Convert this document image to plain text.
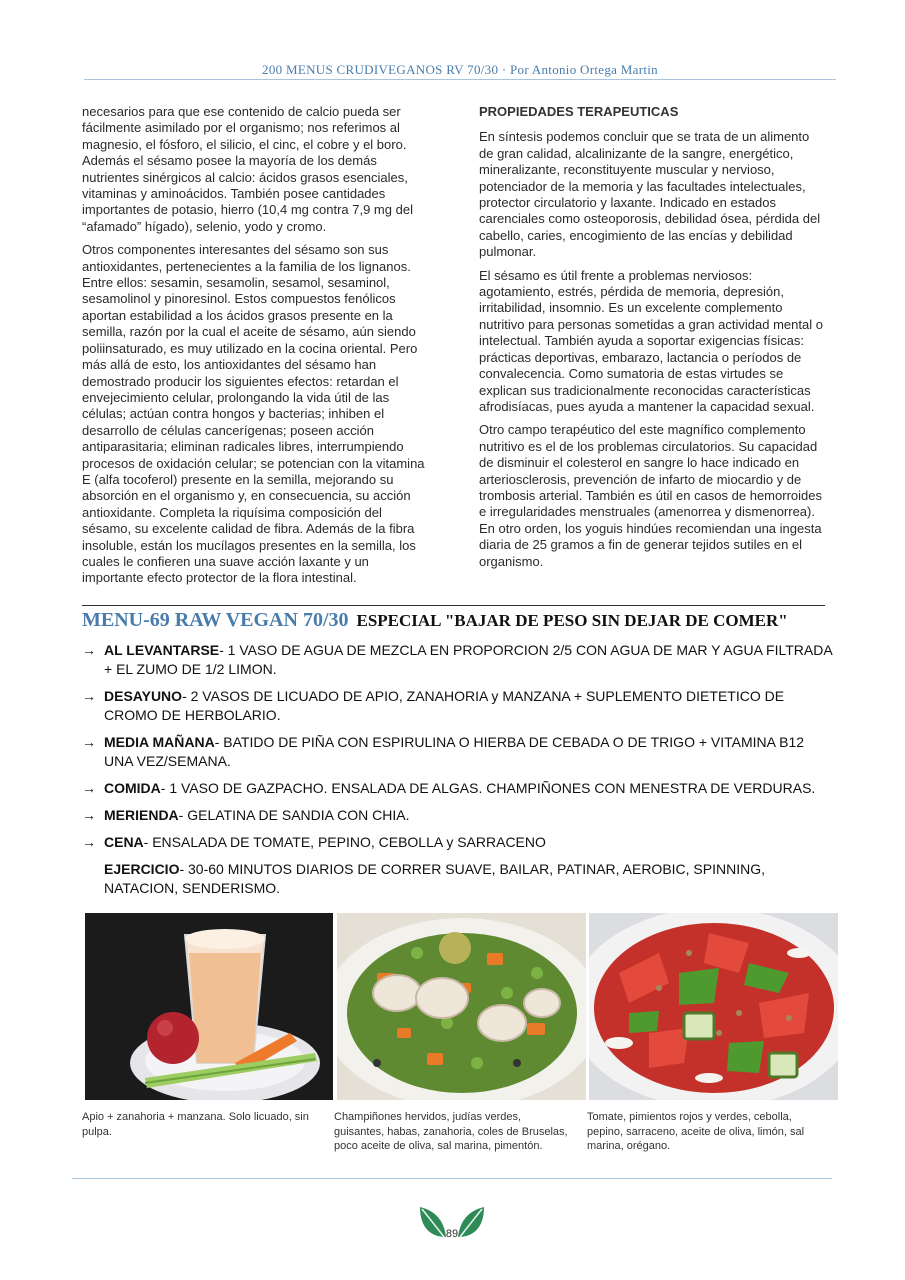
200 MENUS CRUDIVEGANOS RV 70/30 · Por Antonio Ortega Martin

necesarios para que ese contenido de calcio pueda ser fácilmente asimilado por el organismo; nos referimos al magnesio, el fósforo, el silicio, el cinc, el cobre y el boro. Además el sésamo posee la mayoría de los demás nutrientes sinérgicos al calcio: ácidos grasos esenciales, vitaminas y aminoácidos. También posee cantidades importantes de potasio, hierro (10,4 mg contra 7,9 mg del “afamado” hígado), selenio, yodo y cromo.

Otros componentes interesantes del sésamo son sus antioxidantes, pertenecientes a la familia de los lignanos. Entre ellos: sesamin, sesamolin, sesamol, sesaminol, sesamolinol y pinoresinol. Estos compuestos fenólicos aportan estabilidad a los ácidos grasos presente en la semilla, razón por la cual el aceite de sésamo, aún siendo poliinsaturado, es muy utilizado en la cocina oriental. Pero más allá de esto, los antioxidantes del sésamo han demostrado producir los siguientes efectos: retardan el envejecimiento celular, prolongando la vida útil de las células; actúan contra hongos y bacterias; inhiben el desarrollo de células cancerígenas; poseen acción antiparasitaria; eliminan radicales libres, interrumpiendo procesos de oxidación celular; se potencian con la vitamina E (alfa tocoferol) presente en la semilla, mejorando su absorción en el organismo y, en consecuencia, su acción antioxidante. Completa la riquísima composición del sésamo, su excelente calidad de fibra. Además de la fibra insoluble, están los mucílagos presentes en la semilla, los cuales le confieren una suave acción laxante y un importante efecto protector de la flora intestinal.

PROPIEDADES TERAPEUTICAS

En síntesis podemos concluir que se trata de un alimento de gran calidad, alcalinizante de la sangre, energético, mineralizante, reconstituyente muscular y nervioso, potenciador de la memoria y las facultades intelectuales, protector circulatorio y laxante. Indicado en estados carenciales como osteoporosis, debilidad ósea, pérdida del cabello, caries, encogimiento de las encías y debilidad pulmonar.

El sésamo es útil frente a problemas nerviosos: agotamiento, estrés, pérdida de memoria, depresión, irritabilidad, insomnio. Es un excelente complemento nutritivo para personas sometidas a gran actividad mental o intelectual. También ayuda a soportar exigencias físicas: prácticas deportivas, embarazo, lactancia o períodos de convalecencia. Como sumatoria de estas virtudes se explican sus tradicionalmente reconocidas características afrodisíacas, pues ayuda a mantener la capacidad sexual.

Otro campo terapéutico del este magnífico complemento nutritivo es el de los problemas circulatorios. Su capacidad de disminuir el colesterol en sangre lo hace indicado en arteriosclerosis, prevención de infarto de miocardio y de trombosis arterial. También es útil en casos de hemorroides e irregularidades menstruales (amenorrea y dismenorrea). En otro orden, los yoguis hindúes recomiendan una ingesta diaria de 25 gramos a fin de generar tejidos sutiles en el organismo.

MENU-69 RAW VEGAN 70/30 ESPECIAL "BAJAR DE PESO SIN DEJAR DE COMER"
→ AL LEVANTARSE- 1 VASO DE AGUA DE MEZCLA EN PROPORCION 2/5 CON AGUA DE MAR Y AGUA FILTRADA + EL ZUMO DE 1/2 LIMON.
→ DESAYUNO- 2 VASOS DE LICUADO DE APIO, ZANAHORIA y MANZANA + SUPLEMENTO DIETETICO DE CROMO DE HERBOLARIO.
→ MEDIA MAÑANA- BATIDO DE PIÑA CON ESPIRULINA O HIERBA DE CEBADA O DE TRIGO + VITAMINA B12 UNA VEZ/SEMANA.
→ COMIDA- 1 VASO DE GAZPACHO. ENSALADA DE ALGAS. CHAMPIÑONES CON MENESTRA DE VERDURAS.
→ MERIENDA- GELATINA DE SANDIA CON CHIA.
→ CENA- ENSALADA DE TOMATE, PEPINO, CEBOLLA y SARRACENO
EJERCICIO- 30-60 MINUTOS DIARIOS DE CORRER SUAVE, BAILAR, PATINAR, AEROBIC, SPINNING, NATACION, SENDERISMO.
Apio + zanahoria + manzana. Solo licuado, sin pulpa.
Champiñones hervidos, judías verdes, guisantes, habas, zanahoria, coles de Bruselas, poco aceite de oliva, sal marina, pimentón.
Tomate, pimientos rojos y verdes, cebolla, pepino, sarraceno, aceite de oliva, limón, sal marina, orégano.
89
